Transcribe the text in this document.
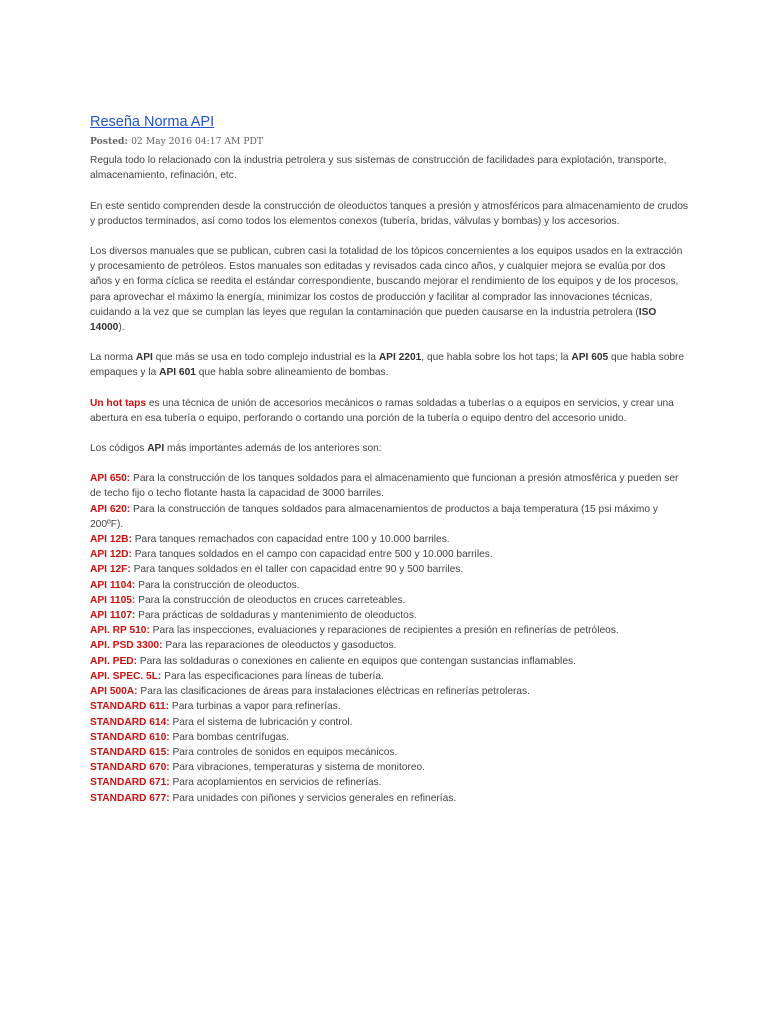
Reseña Norma API
Posted: 02 May 2016 04:17 AM PDT

Regula todo lo relacionado con la industria petrolera y sus sistemas de construcción de facilidades para explotación, transporte, almacenamiento, refinación, etc.

En este sentido comprenden desde la construcción de oleoductos tanques a presión y atmosféricos para almacenamiento de crudos y productos terminados, así como todos los elementos conexos (tubería, bridas, válvulas y bombas) y los accesorios.

Los diversos manuales que se publican, cubren casi la totalidad de los tópicos concernientes a los equipos usados en la extracción y procesamiento de petróleos. Estos manuales son editadas y revisados cada cinco años, y cualquier mejora se evalúa por dos años y en forma cíclica se reedita el estándar correspondiente, buscando mejorar el rendimiento de los equipos y de los procesos, para aprovechar el máximo la energía, minimizar los costos de producción y facilitar al comprador las innovaciones técnicas, cuidando a la vez que se cumplan las leyes que regulan la contaminación que pueden causarse en la industria petrolera (ISO 14000).

La norma API que más se usa en todo complejo industrial es la API 2201, que habla sobre los hot taps; la API 605 que habla sobre empaques y la API 601 que habla sobre alineamiento de bombas.

Un hot taps es una técnica de unión de accesorios mecánicos o ramas soldadas a tuberías o a equipos en servicios, y crear una abertura en esa tubería o equipo, perforando o cortando una porción de la tubería o equipo dentro del accesorio unido.

Los códigos API más importantes además de los anteriores son:

API 650: Para la construcción de los tanques soldados para el almacenamiento que funcionan a presión atmosférica y pueden ser de techo fijo o techo flotante hasta la capacidad de 3000 barriles.
API 620: Para la construcción de tanques soldados para almacenamientos de productos a baja temperatura (15 psi máximo y 200ºF).
API 12B: Para tanques remachados con capacidad entre 100 y 10.000 barriles.
API 12D: Para tanques soldados en el campo con capacidad entre 500 y 10.000 barriles.
API 12F: Para tanques soldados en el taller con capacidad entre 90 y 500 barriles.
API 1104: Para la construcción de oleoductos.
API 1105: Para la construcción de oleoductos en cruces carreteables.
API 1107: Para prácticas de soldaduras y mantenimiento de oleoductos.
API. RP 510: Para las inspecciones, evaluaciones y reparaciones de recipientes a presión en refinerías de petróleos.
API. PSD 3300: Para las reparaciones de oleoductos y gasoductos.
API. PED: Para las soldaduras o conexiones en caliente en equipos que contengan sustancias inflamables.
API. SPEC. 5L: Para las especificaciones para líneas de tubería.
API 500A: Para las clasificaciones de áreas para instalaciones eléctricas en refinerías petroleras.
STANDARD 611: Para turbinas a vapor para refinerías.
STANDARD 614: Para el sistema de lubricación y control.
STANDARD 610: Para bombas centrífugas.
STANDARD 615: Para controles de sonidos en equipos mecánicos.
STANDARD 670: Para vibraciones, temperaturas y sistema de monitoreo.
STANDARD 671: Para acoplamientos en servicios de refinerías.
STANDARD 677: Para unidades con piñones y servicios generales en refinerías.
